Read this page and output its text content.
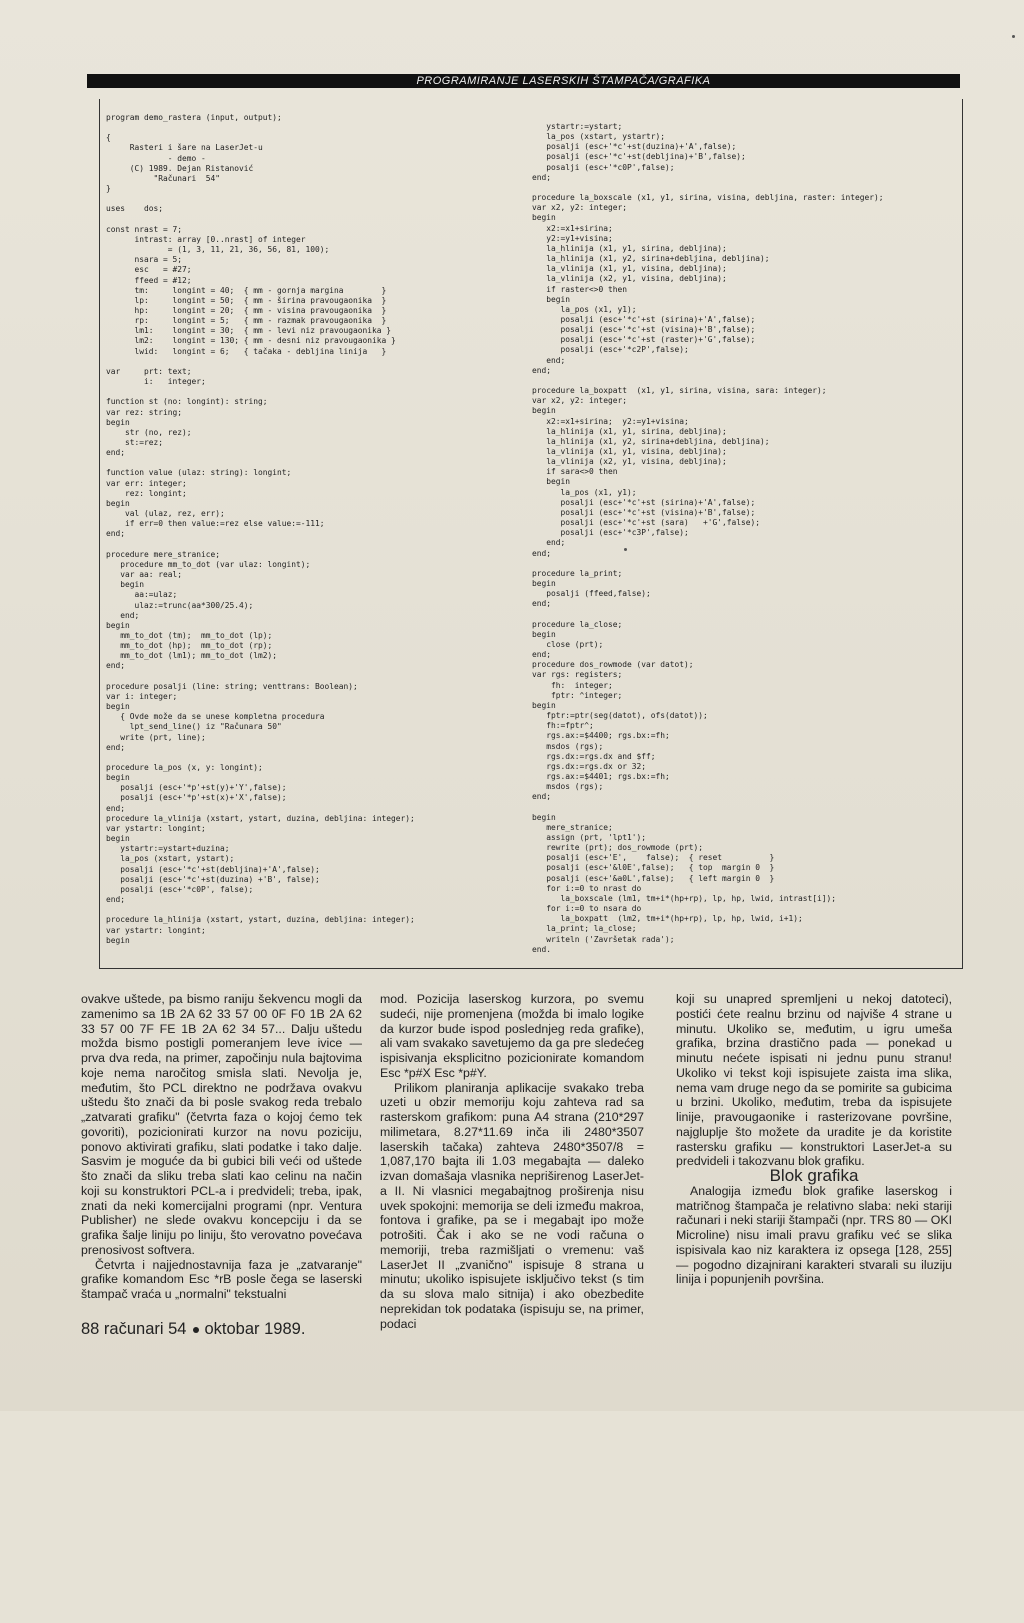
PROGRAMIRANJE LASERSKIH ŠTAMPAČA/GRAFIKA
program demo_rastera (input, output);

{
Rasteri i šare na LaserJet-u
- demo -
(C) 1989. Dejan Ristanović
"Računari  54"
}

uses    dos;

const nrast = 7;
intrast: array [0..nrast] of integer
= (1, 3, 11, 21, 36, 56, 81, 100);
nsara = 5;
esc   = #27;
ffeed = #12;
tm:     longint = 40;  { mm - gornja margina        }
lp:     longint = 50;  { mm - širina pravougaonika  }
hp:     longint = 20;  { mm - visina pravougaonika  }
rp:     longint = 5;   { mm - razmak pravougaonika  }
lm1:    longint = 30;  { mm - levi niz pravougaonika }
lm2:    longint = 130; { mm - desni niz pravougaonika }
lwid:   longint = 6;   { tačaka - debljina linija   }

var     prt: text;
i:   integer;

function st (no: longint): string;
var rez: string;
begin
str (no, rez);
st:=rez;
end;

function value (ulaz: string): longint;
var err: integer;
rez: longint;
begin
val (ulaz, rez, err);
if err=0 then value:=rez else value:=-111;
end;

procedure mere_stranice;
procedure mm_to_dot (var ulaz: longint);
var aa: real;
begin
aa:=ulaz;
ulaz:=trunc(aa*300/25.4);
end;
begin
mm_to_dot (tm);  mm_to_dot (lp);
mm_to_dot (hp);  mm_to_dot (rp);
mm_to_dot (lm1); mm_to_dot (lm2);
end;

procedure posalji (line: string; venttrans: Boolean);
var i: integer;
begin
{ Ovde može da se unese kompletna procedura
lpt_send_line() iz "Računara 50"
write (prt, line);
end;

procedure la_pos (x, y: longint);
begin
posalji (esc+'*p'+st(y)+'Y',false);
posalji (esc+'*p'+st(x)+'X',false);
end;
procedure la_vlinija (xstart, ystart, duzina, debljina: integer);
var ystartr: longint;
begin
ystartr:=ystart+duzina;
la_pos (xstart, ystart);
posalji (esc+'*c'+st(debljina)+'A',false);
posalji (esc+'*c'+st(duzina) +'B', false);
posalji (esc+'*c0P', false);
end;

procedure la_hlinija (xstart, ystart, duzina, debljina: integer);
var ystartr: longint;
begin
ystartr:=ystart;
la_pos (xstart, ystartr);
posalji (esc+'*c'+st(duzina)+'A',false);
posalji (esc+'*c'+st(debljina)+'B',false);
posalji (esc+'*c0P',false);
end;

procedure la_boxscale (x1, y1, sirina, visina, debljina, raster: integer);
var x2, y2: integer;
begin
x2:=x1+sirina;
y2:=y1+visina;
la_hlinija (x1, y1, sirina, debljina);
la_hlinija (x1, y2, sirina+debljina, debljina);
la_vlinija (x1, y1, visina, debljina);
la_vlinija (x2, y1, visina, debljina);
if raster<>0 then
begin
la_pos (x1, y1);
posalji (esc+'*c'+st (sirina)+'A',false);
posalji (esc+'*c'+st (visina)+'B',false);
posalji (esc+'*c'+st (raster)+'G',false);
posalji (esc+'*c2P',false);
end;
end;

procedure la_boxpatt  (x1, y1, sirina, visina, sara: integer);
var x2, y2: integer;
begin
x2:=x1+sirina;  y2:=y1+visina;
la_hlinija (x1, y1, sirina, debljina);
la_hlinija (x1, y2, sirina+debljina, debljina);
la_vlinija (x1, y1, visina, debljina);
la_vlinija (x2, y1, visina, debljina);
if sara<>0 then
begin
la_pos (x1, y1);
posalji (esc+'*c'+st (sirina)+'A',false);
posalji (esc+'*c'+st (visina)+'B',false);
posalji (esc+'*c'+st (sara)   +'G',false);
posalji (esc+'*c3P',false);
end;
end;

procedure la_print;
begin
posalji (ffeed,false);
end;

procedure la_close;
begin
close (prt);
end;
procedure dos_rowmode (var datot);
var rgs: registers;
fh:  integer;
fptr: ^integer;
begin
fptr:=ptr(seg(datot), ofs(datot));
fh:=fptr^;
rgs.ax:=$4400; rgs.bx:=fh;
msdos (rgs);
rgs.dx:=rgs.dx and $ff;
rgs.dx:=rgs.dx or 32;
rgs.ax:=$4401; rgs.bx:=fh;
msdos (rgs);
end;

begin
mere_stranice;
assign (prt, 'lpt1');
rewrite (prt); dos_rowmode (prt);
posalji (esc+'E',    false);  { reset          }
posalji (esc+'&l0E',false);   { top  margin 0  }
posalji (esc+'&a0L',false);   { left margin 0  }
for i:=0 to nrast do
la_boxscale (lm1, tm+i*(hp+rp), lp, hp, lwid, intrast[i]);
for i:=0 to nsara do
la_boxpatt  (lm2, tm+i*(hp+rp), lp, hp, lwid, i+1);
la_print; la_close;
writeln ('Završetak rada');
end.

ovakve uštede, pa bismo raniju šekvencu mogli da zamenimo sa 1B 2A 62 33 57 00 0F F0 1B 2A 62 33 57 00 7F FE 1B 2A 62 34 57... Dalju uštedu možda bismo postigli pomeranjem leve ivice — prva dva reda, na primer, započinju nula bajtovima koje nema naročitog smisla slati. Nevolja je, međutim, što PCL direktno ne podržava ovakvu uštedu što znači da bi posle svakog reda trebalo „zatvarati grafiku" (četvrta faza o kojoj ćemo tek govoriti), pozicionirati kurzor na novu poziciju, ponovo aktivirati grafiku, slati podatke i tako dalje. Sasvim je moguće da bi gubici bili veći od uštede što znači da sliku treba slati kao celinu na način koji su konstruktori PCL-a i predvideli; treba, ipak, znati da neki komercijalni programi (npr. Ventura Publisher) ne slede ovakvu koncepciju i da se grafika šalje liniju po liniju, što verovatno povećava prenosivost softvera.

Četvrta i najjednostavnija faza je „zatvaranje" grafike komandom Esc *rB posle čega se laserski štampač vraća u „normalni" tekstualni

mod. Pozicija laserskog kurzora, po svemu sudeći, nije promenjena (možda bi imalo logike da kurzor bude ispod poslednjeg reda grafike), ali vam svakako savetujemo da ga pre sledećeg ispisivanja eksplicitno pozicionirate komandom Esc *p#X Esc *p#Y.

Prilikom planiranja aplikacije svakako treba uzeti u obzir memoriju koju zahteva rad sa rasterskom grafikom: puna A4 strana (210*297 milimetara, 8.27*11.69 inča ili 2480*3507 laserskih tačaka) zahteva 2480*3507/8 = 1,087,170 bajta ili 1.03 megabajta — daleko izvan domašaja vlasnika nepriširenog LaserJet-a II. Ni vlasnici megabajtnog proširenja nisu uvek spokojni: memorija se deli između makroa, fontova i grafike, pa se i megabajt ipo može potrošiti. Čak i ako se ne vodi računa o memoriji, treba razmišljati o vremenu: vaš LaserJet II „zvanično" ispisuje 8 strana u minutu; ukoliko ispisujete isključivo tekst (s tim da su slova malo sitnija) i ako obezbedite neprekidan tok podataka (ispisuju se, na primer, podaci

koji su unapred spremljeni u nekoj datoteci), postići ćete realnu brzinu od najviše 4 strane u minutu. Ukoliko se, međutim, u igru umeša grafika, brzina drastično pada — ponekad u minutu nećete ispisati ni jednu punu stranu! Ukoliko vi tekst koji ispisujete zaista ima slika, nema vam druge nego da se pomirite sa gubicima u brzini. Ukoliko, međutim, treba da ispisujete linije, pravougaonike i rasterizovane površine, najgluplje što možete da uradite je da koristite rastersku grafiku — konstruktori LaserJet-a su predvideli i takozvanu blok grafiku.

Blok grafika

Analogija između blok grafike laserskog i matričnog štampača je relativno slaba: neki stariji računari i neki stariji štampači (npr. TRS 80 — OKI Microline) nisu imali pravu grafiku već se slika ispisivala kao niz karaktera iz opsega [128, 255] — pogodno dizajnirani karakteri stvarali su iluziju linija i popunjenih površina.

88 računari 54 oktobar 1989.
